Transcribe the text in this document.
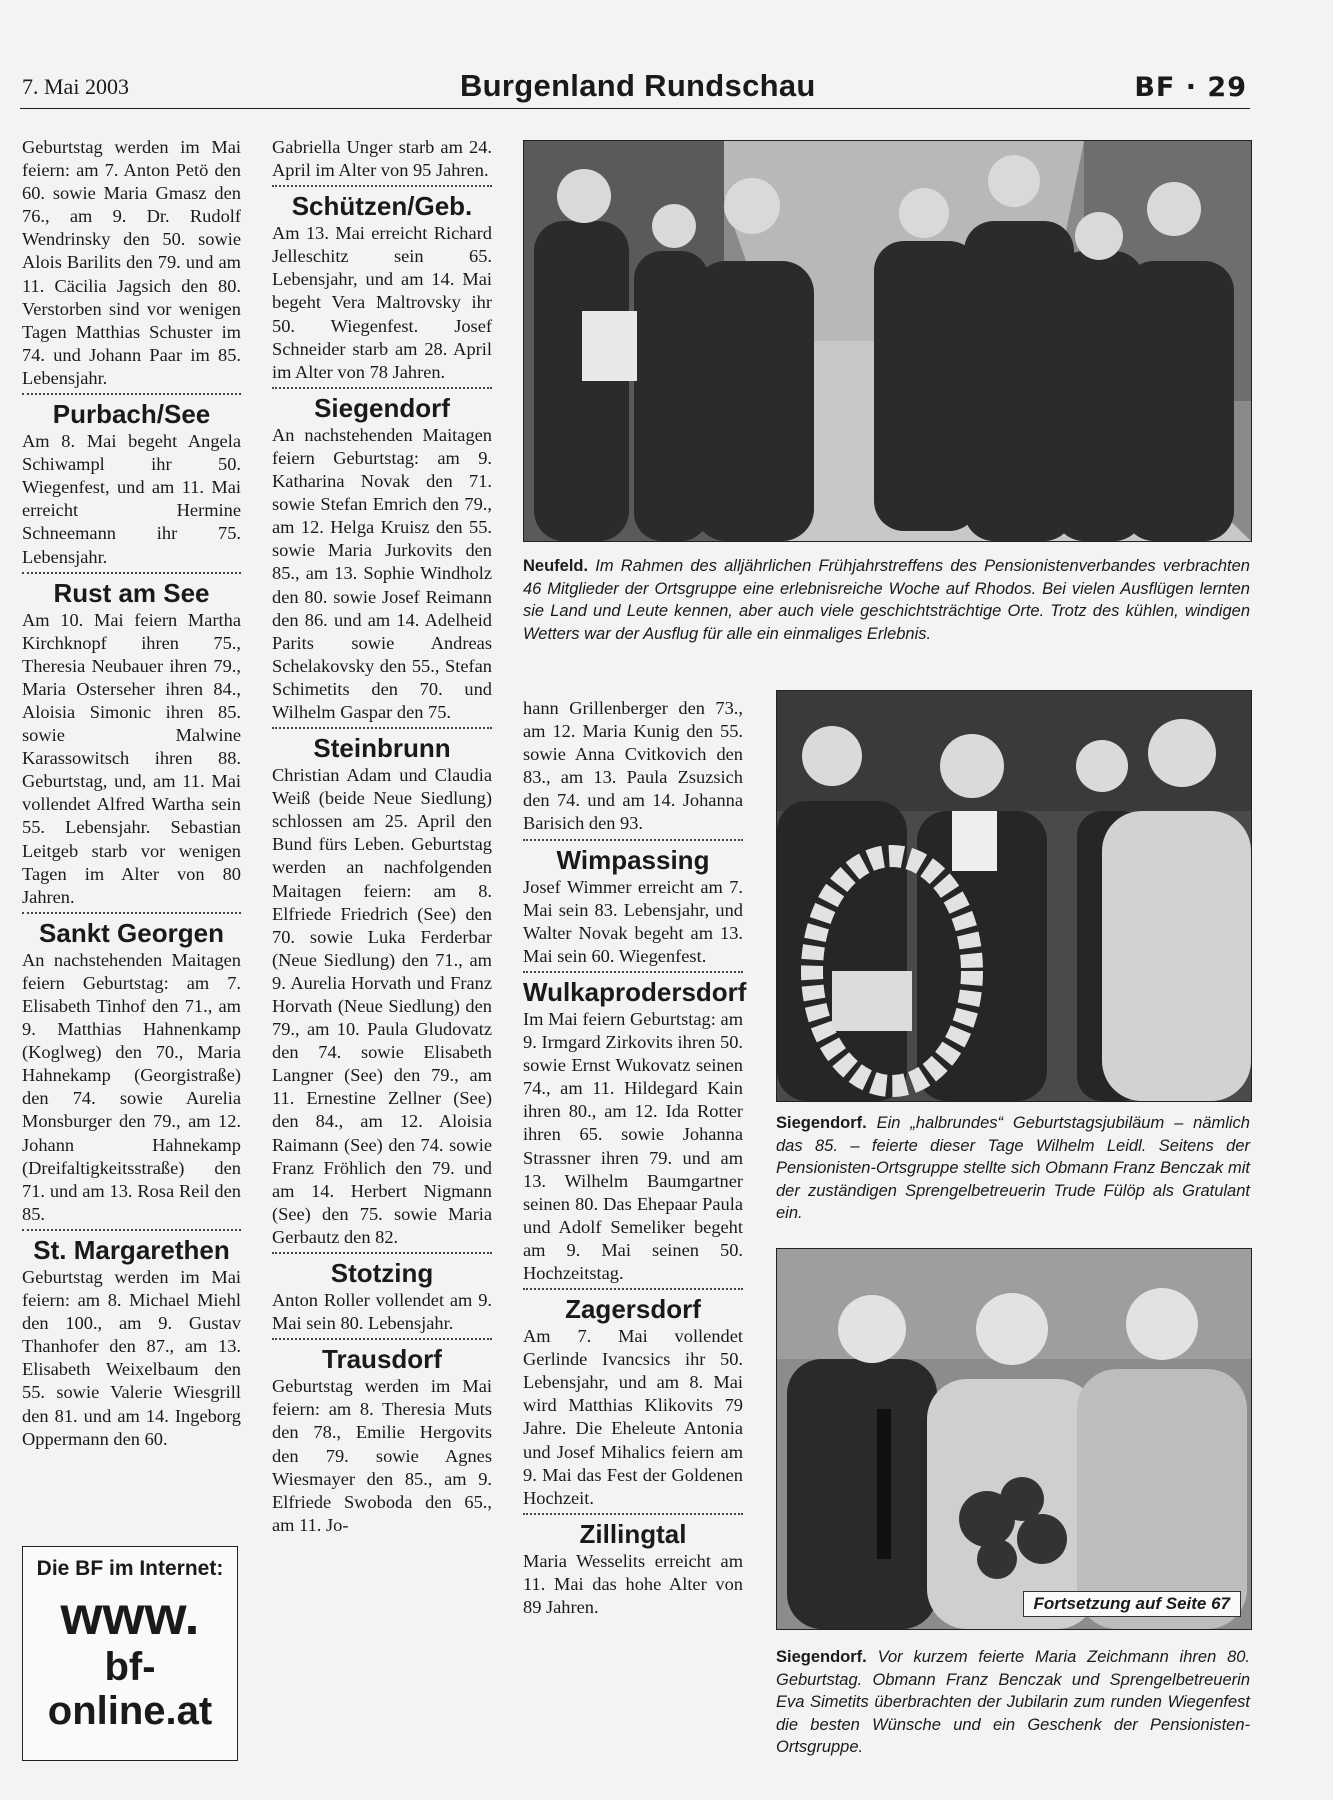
7. Mai 2003	Burgenland Rundschau	BF · 29

Geburtstag werden im Mai feiern: am 7. Anton Petö den 60. sowie Maria Gmasz den 76., am 9. Dr. Rudolf Wendrinsky den 50. sowie Alois Barilits den 79. und am 11. Cäcilia Jagsich den 80. Verstorben sind vor wenigen Tagen Matthias Schuster im 74. und Johann Paar im 85. Lebensjahr.

Purbach/See

Am 8. Mai begeht Angela Schiwampl ihr 50. Wiegenfest, und am 11. Mai erreicht Hermine Schneemann ihr 75. Lebensjahr.

Rust am See

Am 10. Mai feiern Martha Kirchknopf ihren 75., Theresia Neubauer ihren 79., Maria Osterseher ihren 84., Aloisia Simonic ihren 85. sowie Malwine Karassowitsch ihren 88. Geburtstag, und, am 11. Mai vollendet Alfred Wartha sein 55. Lebensjahr. Sebastian Leitgeb starb vor wenigen Tagen im Alter von 80 Jahren.

Sankt Georgen

An nachstehenden Maitagen feiern Geburtstag: am 7. Elisabeth Tinhof den 71., am 9. Matthias Hahnenkamp (Koglweg) den 70., Maria Hahnekamp (Georgistraße) den 74. sowie Aurelia Monsburger den 79., am 12. Johann Hahnekamp (Dreifaltigkeitsstraße) den 71. und am 13. Rosa Reil den 85.

St. Margarethen

Geburtstag werden im Mai feiern: am 8. Michael Miehl den 100., am 9. Gustav Thanhofer den 87., am 13. Elisabeth Weixelbaum den 55. sowie Valerie Wiesgrill den 81. und am 14. Ingeborg Oppermann den 60.

Die BF im Internet:
www.
bf-
online.at

Gabriella Unger starb am 24. April im Alter von 95 Jahren.

Schützen/Geb.

Am 13. Mai erreicht Richard Jelleschitz sein 65. Lebensjahr, und am 14. Mai begeht Vera Maltrovsky ihr 50. Wiegenfest. Josef Schneider starb am 28. April im Alter von 78 Jahren.

Siegendorf

An nachstehenden Maitagen feiern Geburtstag: am 9. Katharina Novak den 71. sowie Stefan Emrich den 79., am 12. Helga Kruisz den 55. sowie Maria Jurkovits den 85., am 13. Sophie Windholz den 80. sowie Josef Reimann den 86. und am 14. Adelheid Parits sowie Andreas Schelakovsky den 55., Stefan Schimetits den 70. und Wilhelm Gaspar den 75.

Steinbrunn

Christian Adam und Claudia Weiß (beide Neue Siedlung) schlossen am 25. April den Bund fürs Leben. Geburtstag werden an nachfolgenden Maitagen feiern: am 8. Elfriede Friedrich (See) den 70. sowie Luka Ferderbar (Neue Siedlung) den 71., am 9. Aurelia Horvath und Franz Horvath (Neue Siedlung) den 79., am 10. Paula Gludovatz den 74. sowie Elisabeth Langner (See) den 79., am 11. Ernestine Zellner (See) den 84., am 12. Aloisia Raimann (See) den 74. sowie Franz Fröhlich den 79. und am 14. Herbert Nigmann (See) den 75. sowie Maria Gerbautz den 82.

Stotzing

Anton Roller vollendet am 9. Mai sein 80. Lebensjahr.

Trausdorf

Geburtstag werden im Mai feiern: am 8. Theresia Muts den 78., Emilie Hergovits den 79. sowie Agnes Wiesmayer den 85., am 9. Elfriede Swoboda den 65., am 11. Jo-

Neufeld. Im Rahmen des alljährlichen Frühjahrstreffens des Pensionistenverbandes verbrachten 46 Mitglieder der Ortsgruppe eine erlebnisreiche Woche auf Rhodos. Bei vielen Ausflügen lernten sie Land und Leute kennen, aber auch viele geschichtsträchtige Orte. Trotz des kühlen, windigen Wetters war der Ausflug für alle ein einmaliges Erlebnis.

hann Grillenberger den 73., am 12. Maria Kunig den 55. sowie Anna Cvitkovich den 83., am 13. Paula Zsuzsich den 74. und am 14. Johanna Barisich den 93.

Wimpassing

Josef Wimmer erreicht am 7. Mai sein 83. Lebensjahr, und Walter Novak begeht am 13. Mai sein 60. Wiegenfest.

Wulkaprodersdorf

Im Mai feiern Geburtstag: am 9. Irmgard Zirkovits ihren 50. sowie Ernst Wukovatz seinen 74., am 11. Hildegard Kain ihren 80., am 12. Ida Rotter ihren 65. sowie Johanna Strassner ihren 79. und am 13. Wilhelm Baumgartner seinen 80. Das Ehepaar Paula und Adolf Semeliker begeht am 9. Mai seinen 50. Hochzeitstag.

Zagersdorf

Am 7. Mai vollendet Gerlinde Ivancsics ihr 50. Lebensjahr, und am 8. Mai wird Matthias Klikovits 79 Jahre. Die Eheleute Antonia und Josef Mihalics feiern am 9. Mai das Fest der Goldenen Hochzeit.

Zillingtal

Maria Wesselits erreicht am 11. Mai das hohe Alter von 89 Jahren.

Siegendorf. Ein „halbrundes“ Geburtstagsjubiläum – nämlich das 85. – feierte dieser Tage Wilhelm Leidl. Seitens der Pensionisten-Ortsgruppe stellte sich Obmann Franz Benczak mit der zuständigen Sprengelbetreuerin Trude Fülöp als Gratulant ein.
Fortsetzung auf Seite 67
Siegendorf. Vor kurzem feierte Maria Zeichmann ihren 80. Geburtstag. Obmann Franz Benczak und Sprengelbetreuerin Eva Simetits überbrachten der Jubilarin zum runden Wiegenfest die besten Wünsche und ein Geschenk der Pensionisten-Ortsgruppe.
